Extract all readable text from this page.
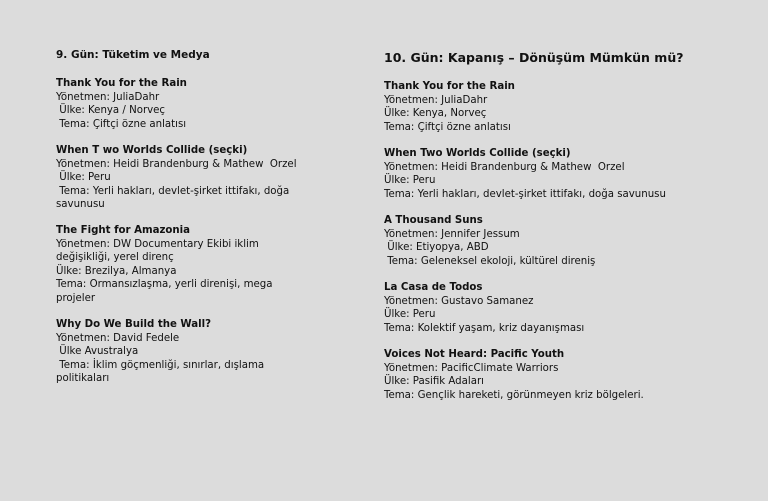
9. Gün: Tüketim ve Medya
Thank You for the Rain
Yönetmen: JuliaDahr
Ülke: Kenya / Norveç
Tema: Çiftçi özne anlatısı
When T wo Worlds Collide (seçki)
Yönetmen: Heidi Brandenburg & Mathew  Orzel
Ülke: Peru
Tema: Yerli hakları, devlet-şirket ittifakı, doğa savunusu
The Fight for Amazonia
Yönetmen: DW Documentary Ekibi iklim değişikliği, yerel direnç
Ülke: Brezilya, Almanya
Tema: Ormansızlaşma, yerli direnişi, mega projeler
Why Do We Build the Wall?
Yönetmen: David Fedele
Ülke Avustralya
Tema: İklim göçmenliği, sınırlar, dışlama politikaları
10. Gün: Kapanış – Dönüşüm Mümkün mü?
Thank You for the Rain
Yönetmen: JuliaDahr
Ülke: Kenya, Norveç
Tema: Çiftçi özne anlatısı
When Two Worlds Collide (seçki)
Yönetmen: Heidi Brandenburg & Mathew  Orzel
Ülke: Peru
Tema: Yerli hakları, devlet-şirket ittifakı, doğa savunusu
A Thousand Suns
Yönetmen: Jennifer Jessum
Ülke: Etiyopya, ABD
Tema: Geleneksel ekoloji, kültürel direniş
La Casa de Todos
Yönetmen: Gustavo Samanez
Ülke: Peru
Tema: Kolektif yaşam, kriz dayanışması
Voices Not Heard: Pacific Youth
Yönetmen: PacificClimate Warriors
Ülke: Pasifik Adaları
Tema: Gençlik hareketi, görünmeyen kriz bölgeleri.
